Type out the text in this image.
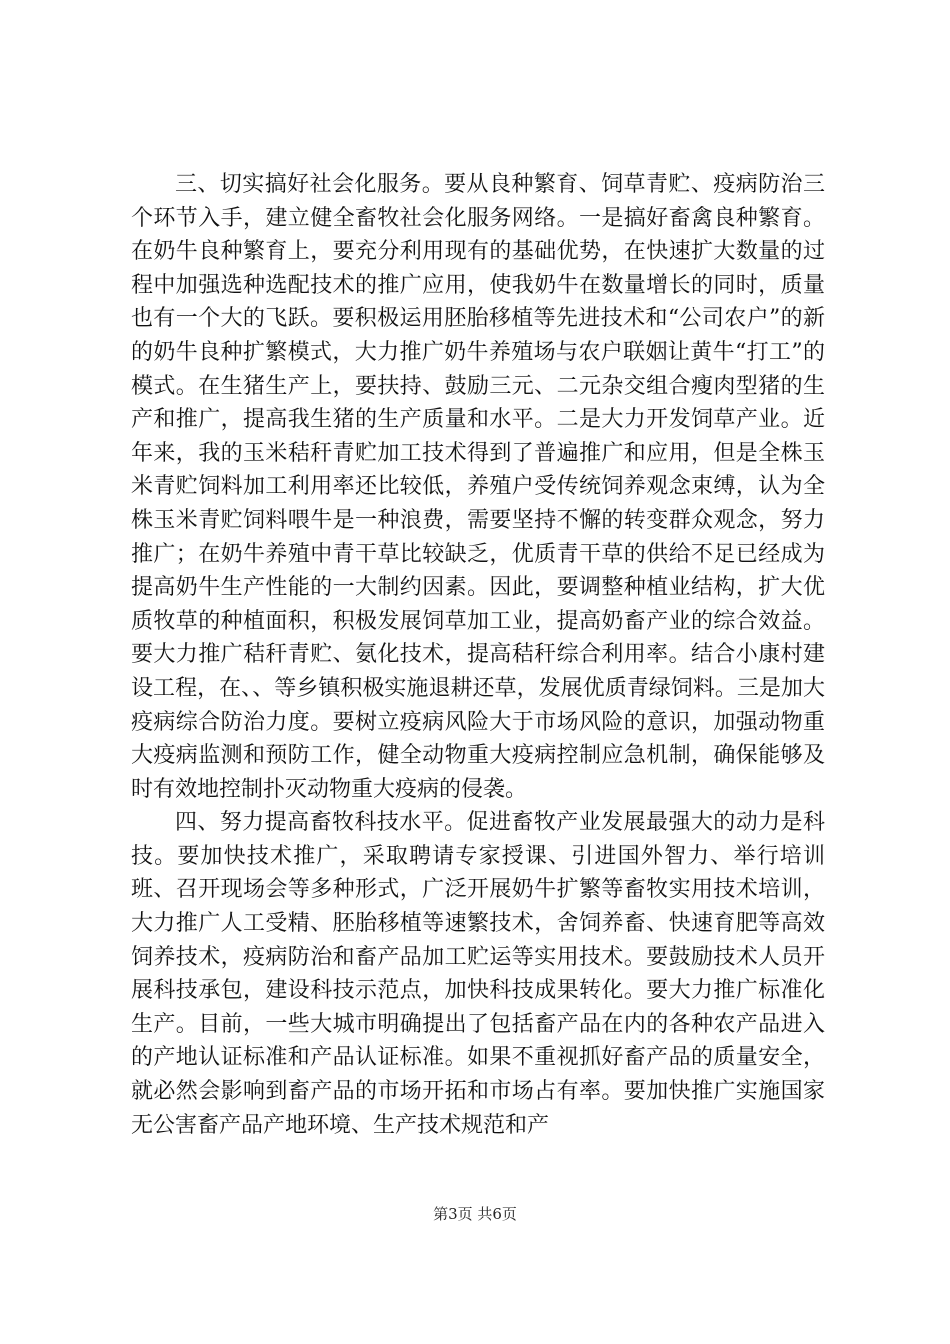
三、切实搞好社会化服务。要从良种繁育、饲草青贮、疫病防治三个环节入手，建立健全畜牧社会化服务网络。一是搞好畜禽良种繁育。在奶牛良种繁育上，要充分利用现有的基础优势，在快速扩大数量的过程中加强选种选配技术的推广应用，使我奶牛在数量增长的同时，质量也有一个大的飞跃。要积极运用胚胎移植等先进技术和“公司农户”的新的奶牛良种扩繁模式，大力推广奶牛养殖场与农户联姻让黄牛“打工”的模式。在生猪生产上，要扶持、鼓励三元、二元杂交组合瘦肉型猪的生产和推广，提高我生猪的生产质量和水平。二是大力开发饲草产业。近年来，我的玉米秸秆青贮加工技术得到了普遍推广和应用，但是全株玉米青贮饲料加工利用率还比较低，养殖户受传统饲养观念束缚，认为全株玉米青贮饲料喂牛是一种浪费，需要坚持不懈的转变群众观念，努力推广；在奶牛养殖中青干草比较缺乏，优质青干草的供给不足已经成为提高奶牛生产性能的一大制约因素。因此，要调整种植业结构，扩大优质牧草的种植面积，积极发展饲草加工业，提高奶畜产业的综合效益。要大力推广秸秆青贮、氨化技术，提高秸秆综合利用率。结合小康村建设工程，在、、等乡镇积极实施退耕还草，发展优质青绿饲料。三是加大疫病综合防治力度。要树立疫病风险大于市场风险的意识，加强动物重大疫病监测和预防工作，健全动物重大疫病控制应急机制，确保能够及时有效地控制扑灭动物重大疫病的侵袭。

四、努力提高畜牧科技水平。促进畜牧产业发展最强大的动力是科技。要加快技术推广，采取聘请专家授课、引进国外智力、举行培训班、召开现场会等多种形式，广泛开展奶牛扩繁等畜牧实用技术培训，大力推广人工受精、胚胎移植等速繁技术，舍饲养畜、快速育肥等高效饲养技术，疫病防治和畜产品加工贮运等实用技术。要鼓励技术人员开展科技承包，建设科技示范点，加快科技成果转化。要大力推广标准化生产。目前，一些大城市明确提出了包括畜产品在内的各种农产品进入的产地认证标准和产品认证标准。如果不重视抓好畜产品的质量安全，就必然会影响到畜产品的市场开拓和市场占有率。要加快推广实施国家无公害畜产品产地环境、生产技术规范和产

第3页 共6页
